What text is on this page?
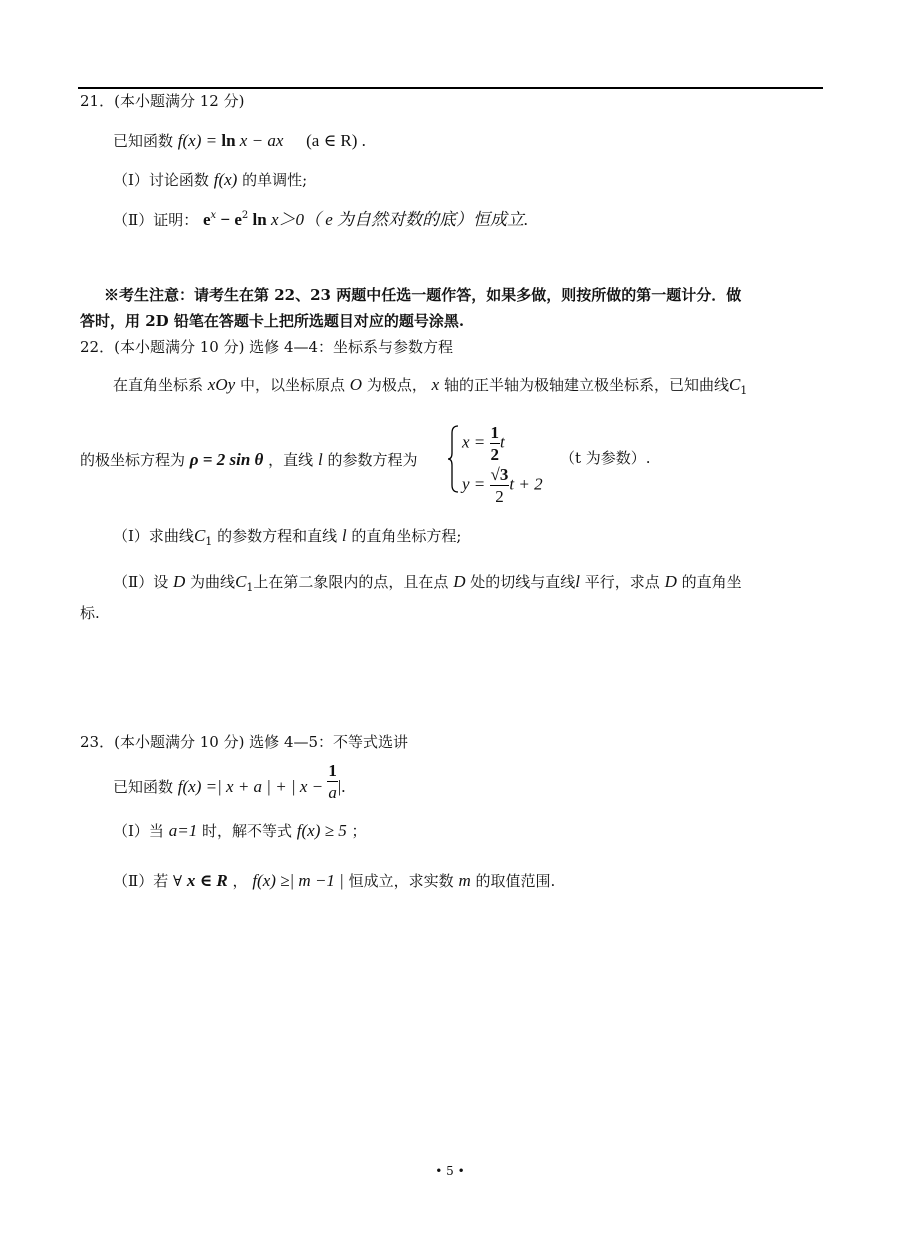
21．(本小题满分 12 分)
已知函数 f(x) = ln x − ax (a ∈ R) .
（Ⅰ）讨论函数 f(x) 的单调性;
（Ⅱ）证明： $e^x - e^2$ ln x＞0（ e 为自然对数的底）恒成立.
※考生注意：请考生在第 22、23 两题中任选一题作答，如果多做，则按所做的第一题计分．做
答时，用 2D 铅笔在答题卡上把所选题目对应的题号涂黑.
22．(本小题满分 10 分) 选修 4—4：坐标系与参数方程
在直角坐标系 xOy 中，以坐标原点 O 为极点， x 轴的正半轴为极轴建立极坐标系，已知曲线$C_1$
的极坐标方程为 ρ = 2 sin θ ，直线 l 的参数方程为
$x = \frac{1}{2}$ t
$y = \frac{√3}{2}$ t + 2
（t 为参数）.
（Ⅰ）求曲线$C_1$ 的参数方程和直线 l 的直角坐标方程;
（Ⅱ）设 D 为曲线$C_1$上在第二象限内的点，且在点 D 处的切线与直线l 平行，求点 D 的直角坐
标.
23．(本小题满分 10 分) 选修 4—5：不等式选讲
已知函数 f(x) =| x + a | + | $x - \frac{1}{a}$ |.
（Ⅰ）当 a=1 时，解不等式 f(x) ≥ 5 ；
（Ⅱ）若 ∀ x ∈ R ， f(x) ≥| m −1 | 恒成立，求实数 m 的取值范围.
• 5 •
